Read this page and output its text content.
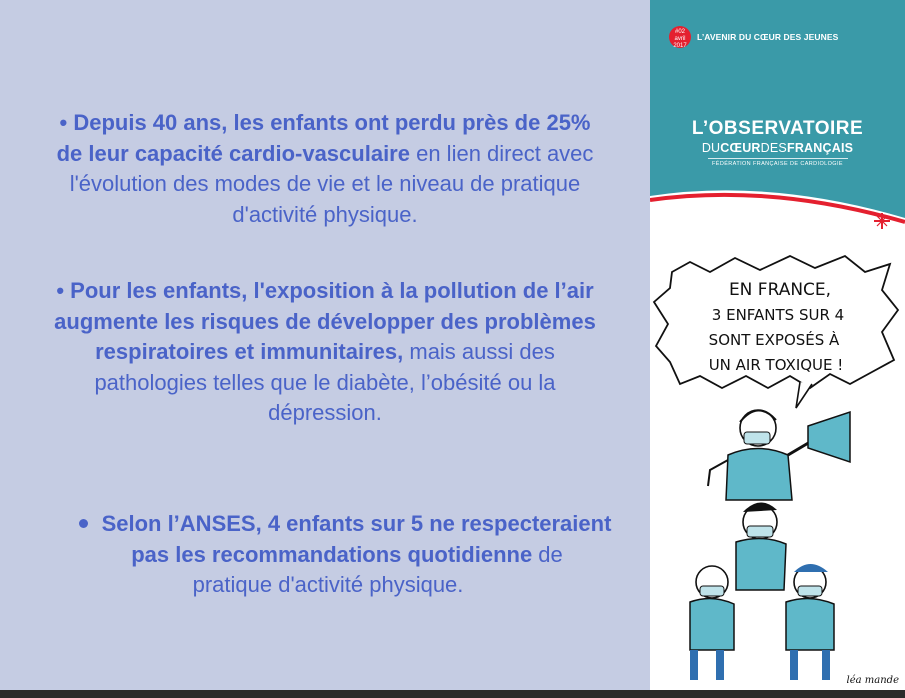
• Depuis 40 ans, les enfants ont perdu près de 25%
de leur capacité cardio-vasculaire en lien direct avec
l'évolution des modes de vie et le niveau de pratique
d'activité physique.
• Pour les enfants, l'exposition à la pollution de l’air
augmente les risques de développer des problèmes
respiratoires et immunitaires, mais aussi des
pathologies telles que le diabète, l’obésité ou la
dépression.
Selon l’ANSES, 4 enfants sur 5 ne respecteraient
pas les recommandations quotidienne de
pratique d'activité physique.
#02
avril
2017
L’AVENIR DU CŒUR DES JEUNES
L’OBSERVATOIRE
DUCŒURDESFRANÇAIS
FÉDÉRATION FRANÇAISE DE CARDIOLOGIE
EN FRANCE,
3 ENFANTS SUR 4
SONT EXPOSÉS À
UN AIR TOXIQUE !
léa mande
